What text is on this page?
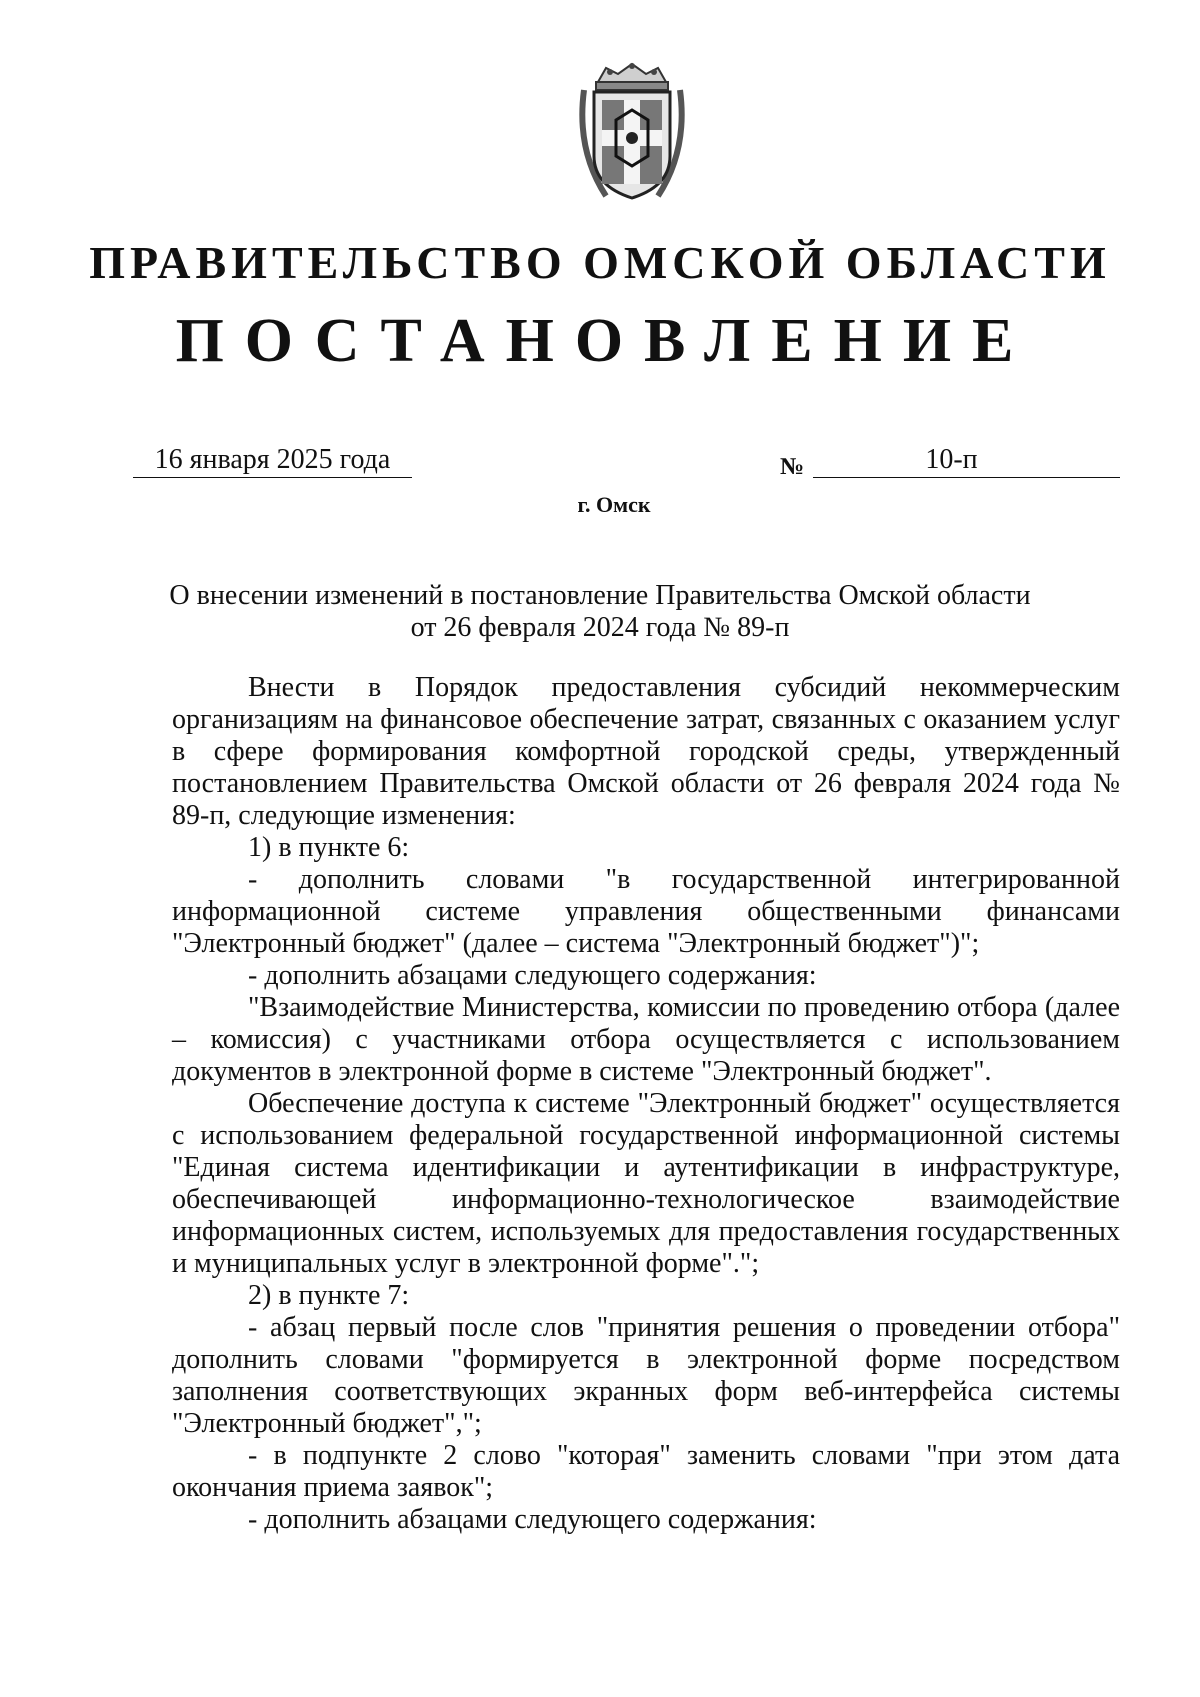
ПРАВИТЕЛЬСТВО ОМСКОЙ ОБЛАСТИ
ПОСТАНОВЛЕНИЕ
16 января 2025 года	№	10-п
г. Омск
О внесении изменений в постановление Правительства Омской области
от 26 февраля 2024 года № 89-п

Внести в Порядок предоставления субсидий некоммерческим организациям на финансовое обеспечение затрат, связанных с оказанием услуг в сфере формирования комфортной городской среды, утвержденный постановлением Правительства Омской области от 26 февраля 2024 года № 89-п, следующие изменения:

1) в пункте 6:

- дополнить словами "в государственной интегрированной информационной системе управления общественными финансами "Электронный бюджет" (далее – система "Электронный бюджет")";

- дополнить абзацами следующего содержания:

"Взаимодействие Министерства, комиссии по проведению отбора (далее – комиссия) с участниками отбора осуществляется с использованием документов в электронной форме в системе "Электронный бюджет".

Обеспечение доступа к системе "Электронный бюджет" осуществляется с использованием федеральной государственной информационной системы "Единая система идентификации и аутентификации в инфраструктуре, обеспечивающей информационно-технологическое взаимодействие информационных систем, используемых для предоставления государственных и муниципальных услуг в электронной форме".";

2) в пункте 7:

- абзац первый после слов "принятия решения о проведении отбора" дополнить словами "формируется в электронной форме посредством заполнения соответствующих экранных форм веб-интерфейса системы "Электронный бюджет",";

- в подпункте 2 слово "которая" заменить словами "при этом дата окончания приема заявок";

- дополнить абзацами следующего содержания:
